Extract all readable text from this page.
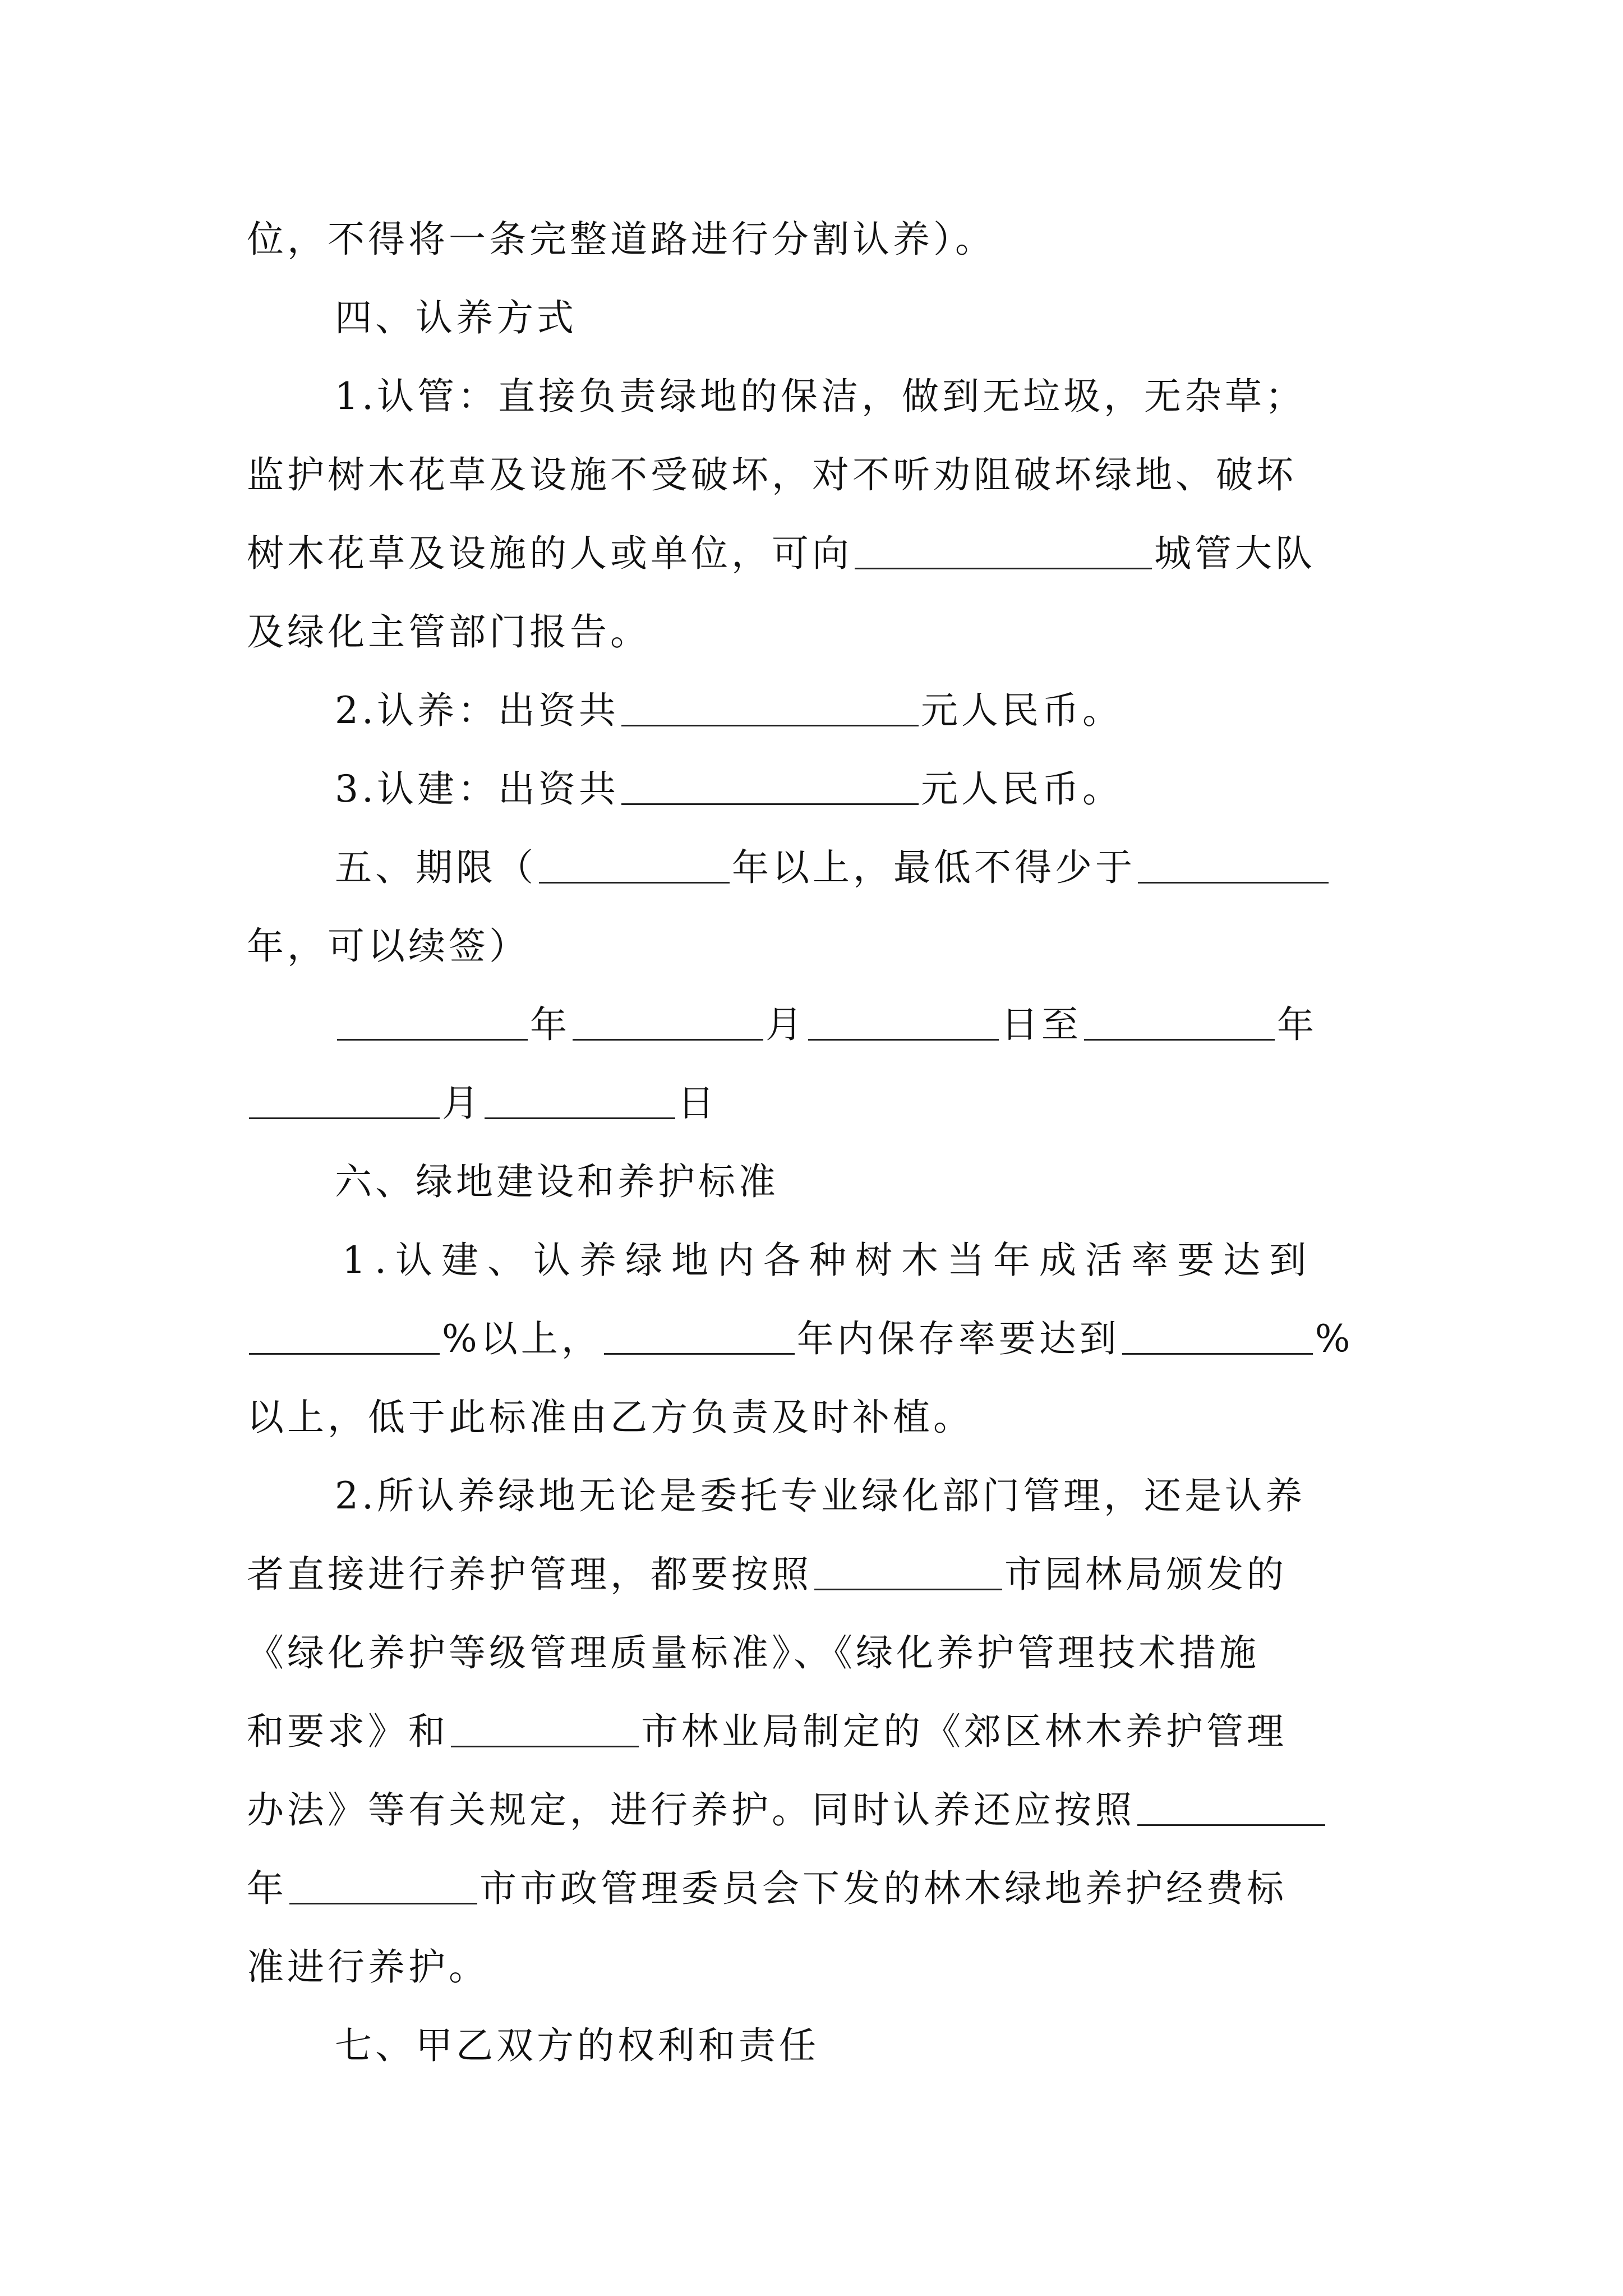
位，不得将一条完整道路进行分割认养）。
四、认养方式
1.认管：直接负责绿地的保洁，做到无垃圾，无杂草；
监护树木花草及设施不受破坏，对不听劝阻破坏绿地、破坏
树木花草及设施的人或单位，可向	城管大队
及绿化主管部门报告。
2.认养：出资共	元人民币。
3.认建：出资共	元人民币。
五、期限（	年以上，最低不得少于
年，可以续签）
年	月	日至	年
月	日
六、绿地建设和养护标准
1.认建、认养绿地内各种树木当年成活率要达到
%以上，	年内保存率要达到	%
以上，低于此标准由乙方负责及时补植。
2.所认养绿地无论是委托专业绿化部门管理，还是认养
者直接进行养护管理，都要按照	市园林局颁发的
《绿化养护等级管理质量标准》、《绿化养护管理技术措施
和要求》和	市林业局制定的《郊区林木养护管理
办法》等有关规定，进行养护。同时认养还应按照
年	市市政管理委员会下发的林木绿地养护经费标
准进行养护。
七、甲乙双方的权利和责任
